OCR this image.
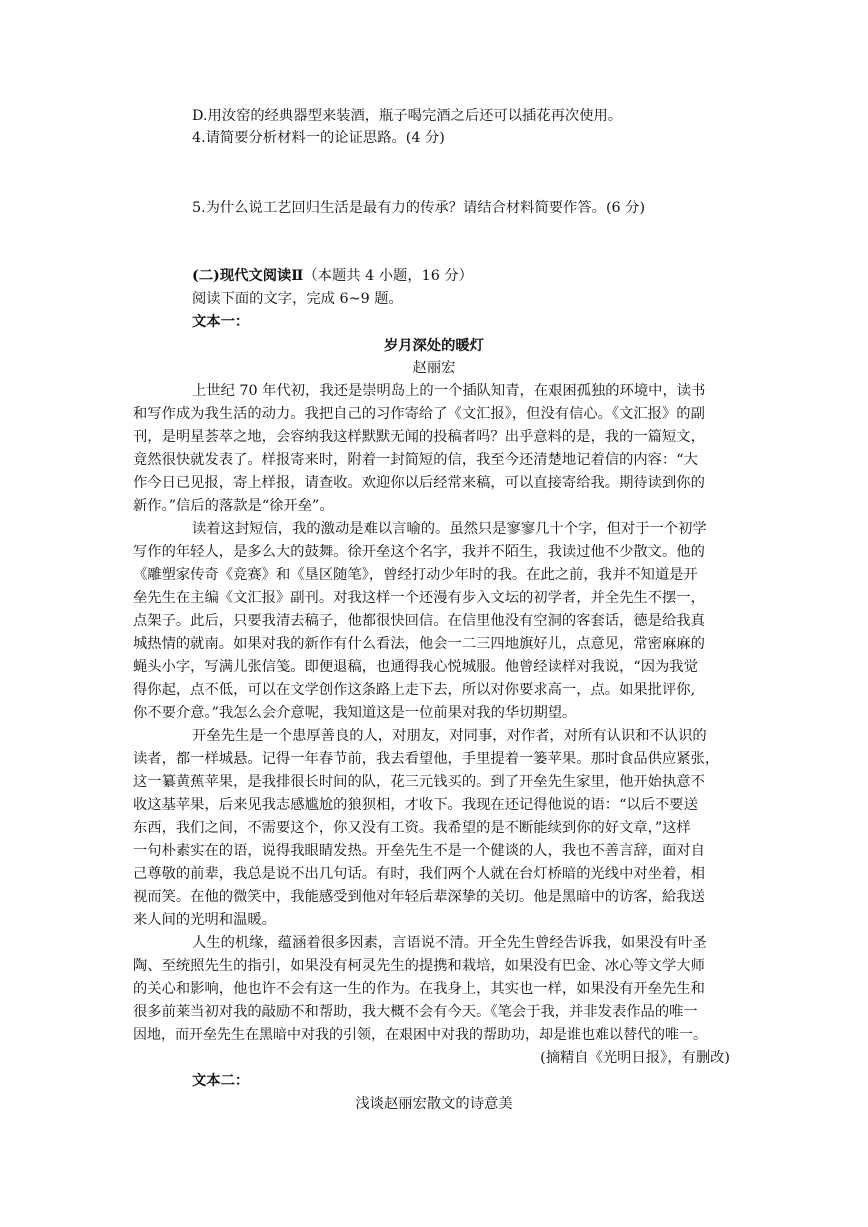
D.用汝窑的经典器型来装酒，瓶子喝完酒之后还可以插花再次使用。
4.请简要分析材料一的论证思路。(4 分)
5.为什么说工艺回归生活是最有力的传承？请结合材料简要作答。(6 分)
(二)现代文阅读Ⅱ（本题共 4 小题，16 分）
阅读下面的文字，完成 6~9 题。
文本一：
岁月深处的暖灯
赵丽宏
上世纪 70 年代初，我还是崇明岛上的一个插队知青，在艰困孤独的环境中，读书
和写作成为我生活的动力。我把自己的习作寄给了《文汇报》，但没有信心。《文汇报》的副
刊，是明星荟萃之地，会容纳我这样默默无闻的投稿者吗？出乎意料的是，我的一篇短文，
竟然很快就发表了。样报寄来时，附着一封简短的信，我至今还清楚地记着信的内容：“大
作今日已见报，寄上样报，请查收。欢迎你以后经常来稿，可以直接寄给我。期待读到你的
新作。”信后的落款是“徐开垒”。
读着这封短信，我的激动是难以言喻的。虽然只是寥寥几十个字，但对于一个初学
写作的年轻人，是多么大的鼓舞。徐开垒这个名字，我并不陌生，我读过他不少散文。他的
《雕塑家传奇《竞赛》和《垦区随笔》，曾经打动少年时的我。在此之前，我并不知道是开
垒先生在主编《文汇报》副刊。对我这样一个还漫有步入文坛的初学者，并全先生不摆一，
点架子。此后，只要我清去稿子，他都很快回信。在信里他没有空洞的客套话，德是给我真
城热情的就南。如果对我的新作有什么看法，他会一二三四地旗好儿，点意见，常密麻麻的
蝇头小字，写满儿张信笺。即便退稿，也通得我心悦城服。他曾经读样对我说，“因为我觉
得你起，点不低，可以在文学创作这条路上走下去，所以对你要求高一，点。如果批评你,
你不要介意。”我怎么会介意呢，我知道这是一位前果对我的华切期望。
开垒先生是一个患厚善良的人，对朋友，对同事，对作者，对所有认识和不认识的
读者，都一样城悬。记得一年春节前，我去看望他，手里提着一篓苹果。那时食品供应紧张，
这一纂黄蕉苹果，是我排很长时间的队，花三元钱买的。到了开垒先生家里，他开始执意不
收这基苹果，后来见我志感尴尬的狼狈相，才收下。我现在还记得他说的语：“以后不要送
东西，我们之间，不需要这个，你又没有工资。我希望的是不断能续到你的好文章，”这样
一句朴素实在的语，说得我眼睛发热。开垒先生不是一个健谈的人，我也不善言辞，面对自
己尊敬的前辈，我总是说不出几句话。有时，我们两个人就在台灯桥暗的光线中对坐着，相
视而笑。在他的微笑中，我能感受到他对年轻后辈深挚的关切。他是黑暗中的访客，給我送
来人间的光明和温暖。
人生的机缘，蕴涵着很多因素，言语说不清。开全先生曾经告诉我，如果没有叶圣
陶、至统照先生的指引，如果没有柯灵先生的提携和栽培，如果没有巴金、冰心等文学大师
的关心和影响，他也许不会有这一生的作为。在我身上，其实也一样，如果没有开垒先生和
很多前莱当初对我的敲励不和帮助，我大概不会有今天。《笔会于我，并非发表作品的唯一
因地，而开垒先生在黑暗中对我的引领，在艰困中对我的帮助功，却是谁也难以替代的唯一。
(摘精自《光明日报》，有删改)
文本二：
浅谈赵丽宏散文的诗意美
